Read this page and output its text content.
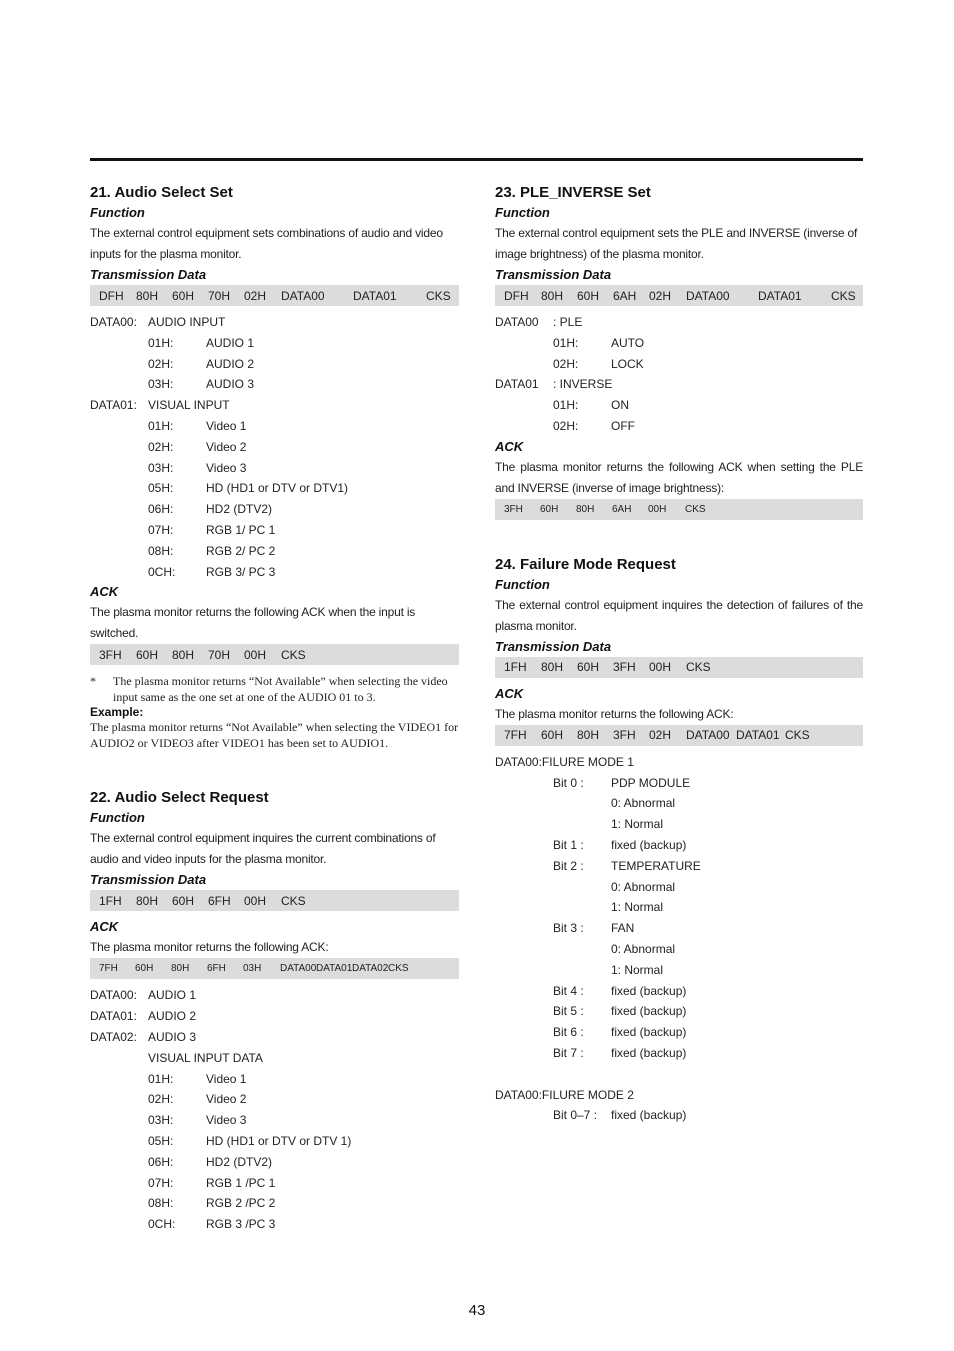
21. Audio Select Set
Function
The external control equipment sets combinations of audio and video inputs for the plasma monitor.
Transmission Data
DFH	80H	60H	70H	02H	DATA00	DATA01	CKS
DATA00: AUDIO INPUT
01H:	AUDIO 1
02H:	AUDIO 2
03H:	AUDIO 3
DATA01: VISUAL INPUT
01H:	Video 1
02H:	Video 2
03H:	Video 3
05H:	HD (HD1 or DTV or DTV1)
06H:	HD2 (DTV2)
07H:	RGB 1/ PC 1
08H:	RGB 2/ PC 2
0CH:	RGB 3/ PC 3
ACK
The plasma monitor returns the following ACK when the input is switched.
3FH	60H	80H	70H	00H	CKS
*	The plasma monitor returns “Not Available” when selecting the video input same as the one set at one of the AUDIO 01 to 3.
Example:
The plasma monitor returns “Not Available” when selecting the VIDEO1 for AUDIO2 or VIDEO3 after VIDEO1 has been set to AUDIO1.
22. Audio Select Request
Function
The external control equipment inquires the current combinations of audio and video inputs for the plasma monitor.
Transmission Data
1FH	80H	60H	6FH	00H	CKS
ACK
The plasma monitor returns the following ACK:
7FH	60H	80H	6FH	03H	DATA00 DATA01 DATA02 CKS
DATA00: AUDIO 1
DATA01: AUDIO 2
DATA02: AUDIO 3
VISUAL INPUT DATA
01H:	Video 1
02H:	Video 2
03H:	Video 3
05H:	HD (HD1 or DTV or DTV 1)
06H:	HD2 (DTV2)
07H:	RGB 1 /PC 1
08H:	RGB 2 /PC 2
0CH:	RGB 3 /PC 3
23. PLE_INVERSE Set
Function
The external control equipment sets the PLE and INVERSE (inverse of image brightness) of the plasma monitor.
Transmission Data
DFH	80H	60H	6AH	02H	DATA00	DATA01	CKS
DATA00	: PLE
01H:	AUTO
02H:	LOCK
DATA01	: INVERSE
01H:	ON
02H:	OFF
ACK
The plasma monitor returns the following ACK when setting the PLE and INVERSE (inverse of image brightness):
3FH	60H	80H	6AH	00H	CKS
24. Failure Mode Request
Function
The external control equipment inquires the detection of failures of the plasma monitor.
Transmission Data
1FH	80H	60H	3FH	00H	CKS
ACK
The plasma monitor returns the following ACK:
7FH	60H	80H	3FH	02H	DATA00 DATA01 CKS
DATA00:FILURE MODE 1
Bit 0 :	PDP MODULE
0: Abnormal
1: Normal
Bit 1 :	fixed (backup)
Bit 2 :	TEMPERATURE
0: Abnormal
1: Normal
Bit 3 :	FAN
0: Abnormal
1: Normal
Bit 4 :	fixed (backup)
Bit 5 :	fixed (backup)
Bit 6 :	fixed (backup)
Bit 7 :	fixed (backup)
DATA00:FILURE MODE 2
Bit 0–7 :	fixed (backup)
43
